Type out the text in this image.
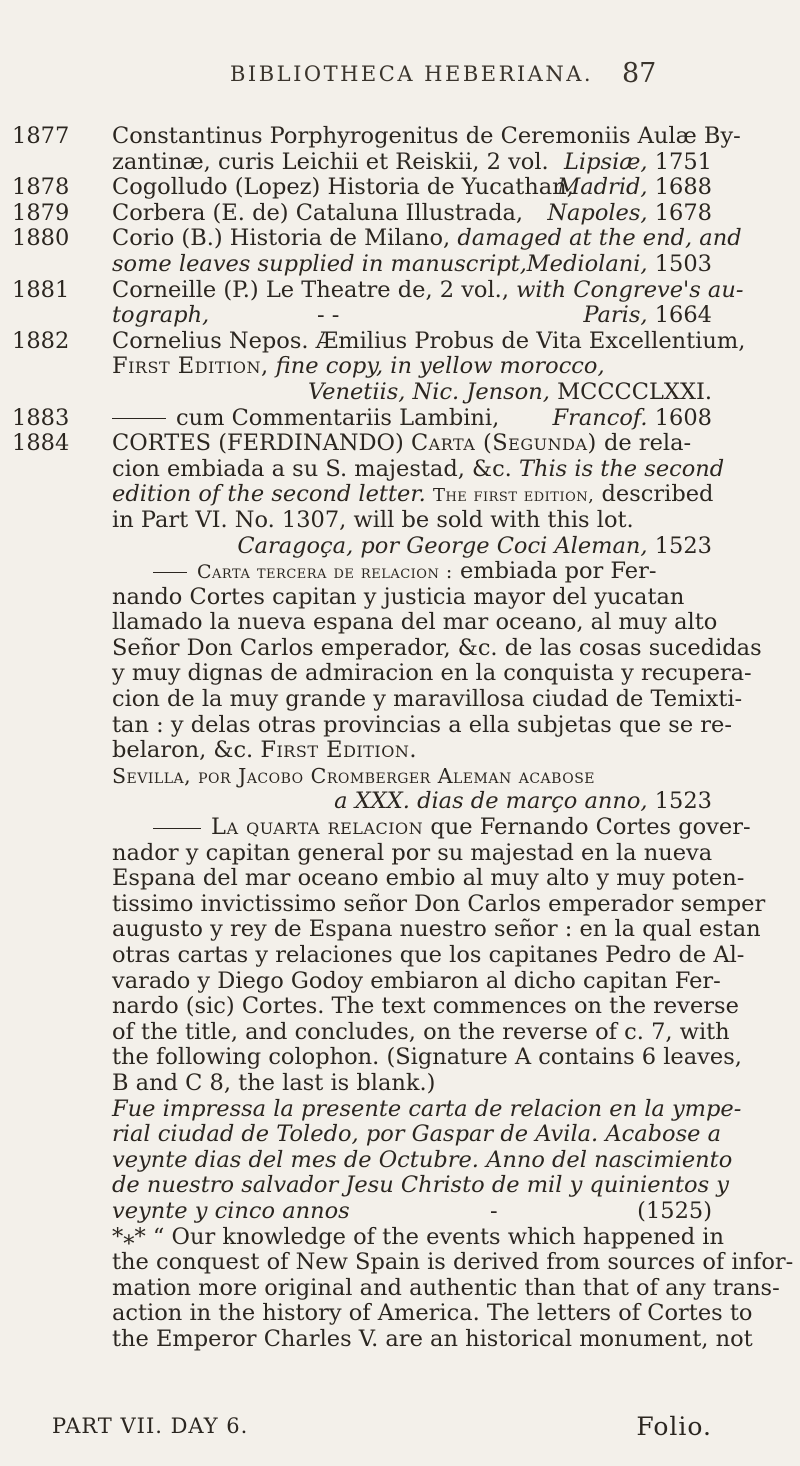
BIBLIOTHECA HEBERIANA. 87
1877	Constantinus Porphyrogenitus de Ceremoniis Aulæ By-
zantinæ, curis Leichii et Reiskii, 2 vol. Lipsiæ, 1751
1878	Cogolludo (Lopez) Historia de Yucathan,
Madrid, 1688
1879	Corbera (E. de) Cataluna Illustrada, Napoles, 1678
1880	Corio (B.) Historia de Milano, damaged at the end, and
some leaves supplied in manuscript, Mediolani, 1503
1881	Corneille (P.) Le Theatre de, 2 vol., with Congreve's au-
tograph,	- -	Paris, 1664
1882	Cornelius Nepos. Æmilius Probus de Vita Excellentium,
First Edition, fine copy, in yellow morocco,
Venetiis, Nic. Jenson, MCCCCLXXI.
1883	cum Commentariis Lambini, Francof. 1608
1884	CORTES (FERDINANDO) Carta (Segunda) de rela-
cion embiada a su S. majestad, &c. This is the second
edition of the second letter. The first edition, described
in Part VI. No. 1307, will be sold with this lot.
Caragoça, por George Coci Aleman, 1523
Carta tercera de relacion : embiada por Fer-
nando Cortes capitan y justicia mayor del yucatan
llamado la nueva espana del mar oceano, al muy alto
Señor Don Carlos emperador, &c. de las cosas sucedidas
y muy dignas de admiracion en la conquista y recupera-
cion de la muy grande y maravillosa ciudad de Temixti-
tan : y delas otras provincias a ella subjetas que se re-
belaron, &c. First Edition.
Sevilla, por Jacobo Cromberger Aleman acabose
a XXX. dias de março anno, 1523
La quarta relacion que Fernando Cortes gover-
nador y capitan general por su majestad en la nueva
Espana del mar oceano embio al muy alto y muy poten-
tissimo invictissimo señor Don Carlos emperador semper
augusto y rey de Espana nuestro señor : en la qual estan
otras cartas y relaciones que los capitanes Pedro de Al-
varado y Diego Godoy embiaron al dicho capitan Fer-
nardo (sic) Cortes. The text commences on the reverse
of the title, and concludes, on the reverse of c. 7, with
the following colophon. (Signature A contains 6 leaves,
B and C 8, the last is blank.)
Fue impressa la presente carta de relacion en la ympe-
rial ciudad de Toledo, por Gaspar de Avila. Acabose a
veynte dias del mes de Octubre. Anno del nascimiento
de nuestro salvador Jesu Christo de mil y quinientos y
veynte y cinco annos	-	(1525)
*⁎* “ Our knowledge of the events which happened in
the conquest of New Spain is derived from sources of infor-
mation more original and authentic than that of any trans-
action in the history of America. The letters of Cortes to
the Emperor Charles V. are an historical monument, not
PART VII. DAY 6.	Folio.
